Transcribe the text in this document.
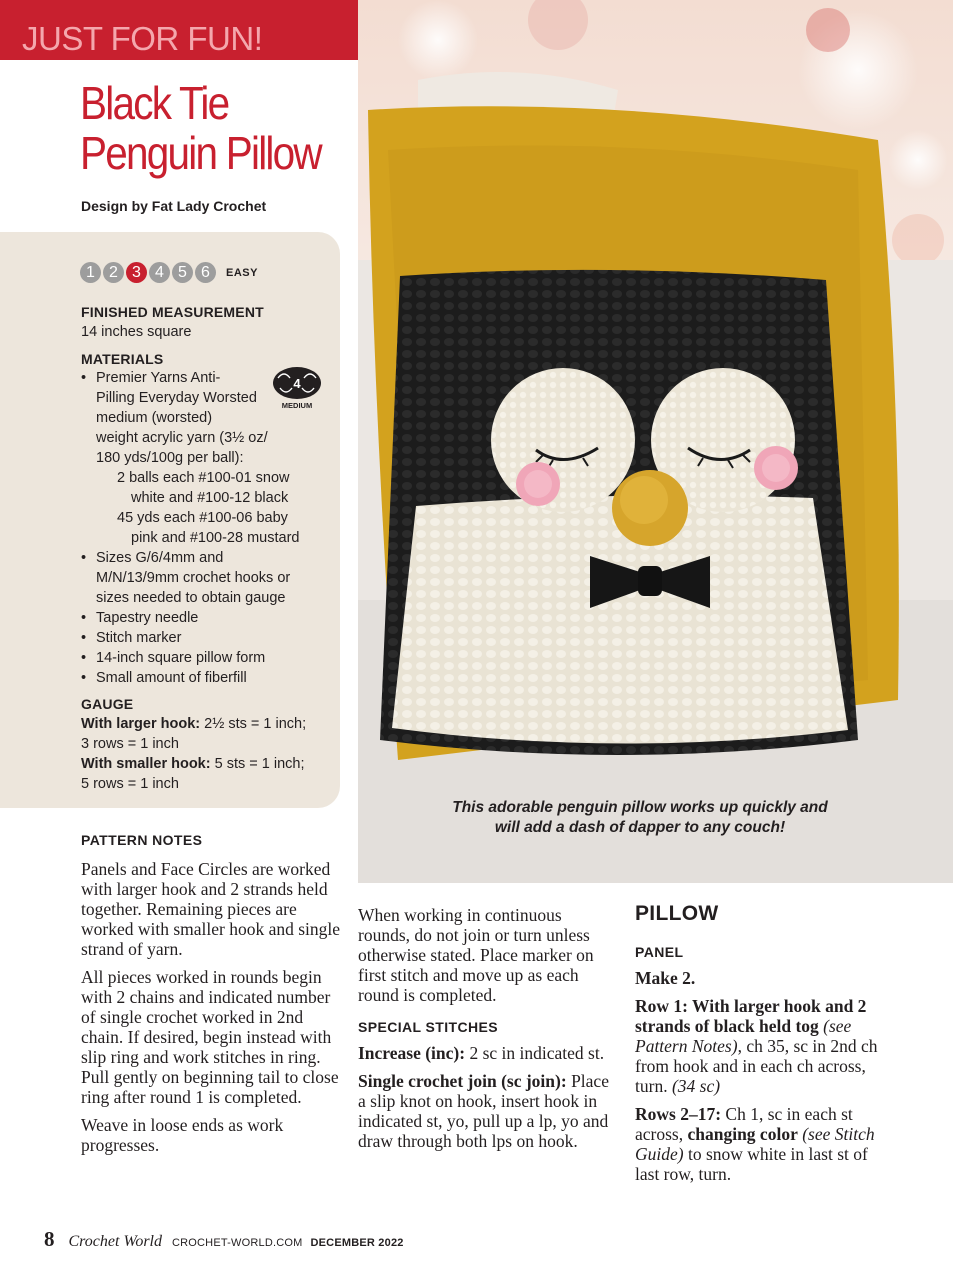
JUST FOR FUN!
Black Tie
Penguin Pillow
Design by Fat Lady Crochet
1 2 3 4 5 6	EASY
FINISHED MEASUREMENT
14 inches square
MATERIALS
4
MEDIUM
• Premier Yarns Anti-
Pilling Everyday Worsted
medium (worsted)
weight acrylic yarn (3½ oz/
180 yds/100g per ball):
2 balls each #100-01 snow
white and #100-12 black
45 yds each #100-06 baby
pink and #100-28 mustard
• Sizes G/6/4mm and
M/N/13/9mm crochet hooks or
sizes needed to obtain gauge
• Tapestry needle
• Stitch marker
• 14-inch square pillow form
• Small amount of fiberfill
GAUGE
With larger hook: 2½ sts = 1 inch;
3 rows = 1 inch
With smaller hook: 5 sts = 1 inch;
5 rows = 1 inch
This adorable penguin pillow works up quickly and
will add a dash of dapper to any couch!
PATTERN NOTES
Panels and Face Circles are worked with larger hook and 2 strands held together. Remaining pieces are worked with smaller hook and single strand of yarn.
All pieces worked in rounds begin with 2 chains and indicated number of single crochet worked in 2nd chain. If desired, begin instead with slip ring and work stitches in ring. Pull gently on beginning tail to close ring after round 1 is completed.
Weave in loose ends as work progresses.
When working in continuous rounds, do not join or turn unless otherwise stated. Place marker on first stitch and move up as each round is completed.
SPECIAL STITCHES
Increase (inc): 2 sc in indicated st.
Single crochet join (sc join): Place a slip knot on hook, insert hook in indicated st, yo, pull up a lp, yo and draw through both lps on hook.
PILLOW
PANEL
Make 2.
Row 1: With larger hook and 2 strands of black held tog (see Pattern Notes), ch 35, sc in 2nd ch from hook and in each ch across, turn. (34 sc)
Rows 2–17: Ch 1, sc in each st across, changing color (see Stitch Guide) to snow white in last st of last row, turn.
8 Crochet World CROCHET-WORLD.COM DECEMBER 2022
